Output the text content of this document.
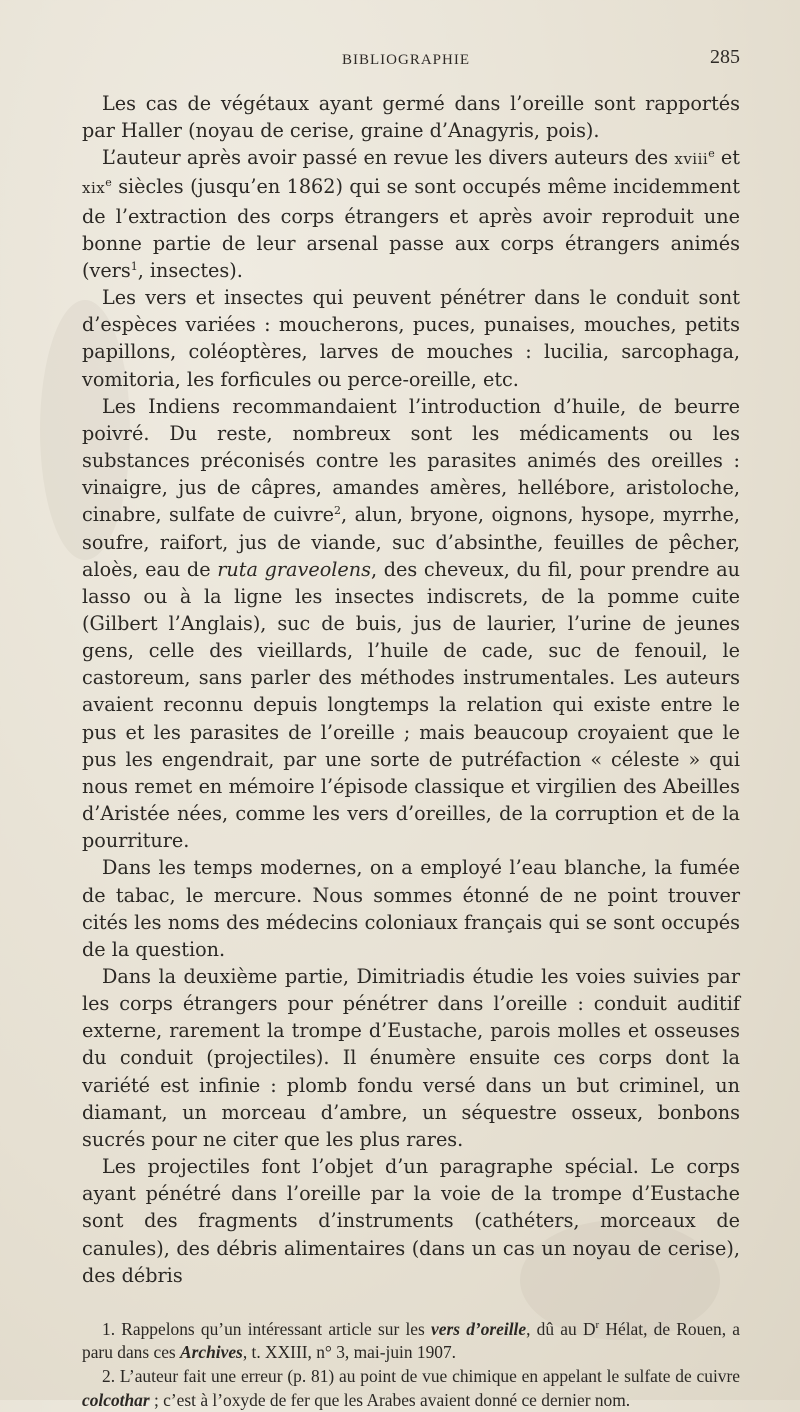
BIBLIOGRAPHIE	285

Les cas de végétaux ayant germé dans l’oreille sont rapportés par Haller (noyau de cerise, graine d’Anagyris, pois).

L’auteur après avoir passé en revue les divers auteurs des xviii$^e$ et xix$^e$ siècles (jusqu’en 1862) qui se sont occupés même incidemment de l’extraction des corps étrangers et après avoir reproduit une bonne partie de leur arsenal passe aux corps étrangers animés (vers$^1$, insectes).

Les vers et insectes qui peuvent pénétrer dans le conduit sont d’espèces variées : moucherons, puces, punaises, mouches, petits papillons, coléoptères, larves de mouches : lucilia, sarcophaga, vomitoria, les forficules ou perce-oreille, etc.

Les Indiens recommandaient l’introduction d’huile, de beurre poivré. Du reste, nombreux sont les médicaments ou les substances préconisés contre les parasites animés des oreilles : vinaigre, jus de câpres, amandes amères, hellébore, aristoloche, cinabre, sulfate de cuivre$^2$, alun, bryone, oignons, hysope, myrrhe, soufre, raifort, jus de viande, suc d’absinthe, feuilles de pêcher, aloès, eau de ruta graveolens, des cheveux, du fil, pour prendre au lasso ou à la ligne les insectes indiscrets, de la pomme cuite (Gilbert l’Anglais), suc de buis, jus de laurier, l’urine de jeunes gens, celle des vieillards, l’huile de cade, suc de fenouil, le castoreum, sans parler des méthodes instrumentales. Les auteurs avaient reconnu depuis longtemps la relation qui existe entre le pus et les parasites de l’oreille ; mais beaucoup croyaient que le pus les engendrait, par une sorte de putréfaction « céleste » qui nous remet en mémoire l’épisode classique et virgilien des Abeilles d’Aristée nées, comme les vers d’oreilles, de la corruption et de la pourriture.

Dans les temps modernes, on a employé l’eau blanche, la fumée de tabac, le mercure. Nous sommes étonné de ne point trouver cités les noms des médecins coloniaux français qui se sont occupés de la question.

Dans la deuxième partie, Dimitriadis étudie les voies suivies par les corps étrangers pour pénétrer dans l’oreille : conduit auditif externe, rarement la trompe d’Eustache, parois molles et osseuses du conduit (projectiles). Il énumère ensuite ces corps dont la variété est infinie : plomb fondu versé dans un but criminel, un diamant, un morceau d’ambre, un séquestre osseux, bonbons sucrés pour ne citer que les plus rares.

Les projectiles font l’objet d’un paragraphe spécial. Le corps ayant pénétré dans l’oreille par la voie de la trompe d’Eustache sont des fragments d’instruments (cathéters, morceaux de canules), des débris alimentaires (dans un cas un noyau de cerise), des débris

1. Rappelons qu’un intéressant article sur les vers d’oreille, dû au $D^r$ Hélat, de Rouen, a paru dans ces Archives, t. XXIII, n° 3, mai-juin 1907.

2. L’auteur fait une erreur (p. 81) au point de vue chimique en appelant le sulfate de cuivre colcothar ; c’est à l’oxyde de fer que les Arabes avaient donné ce dernier nom.
